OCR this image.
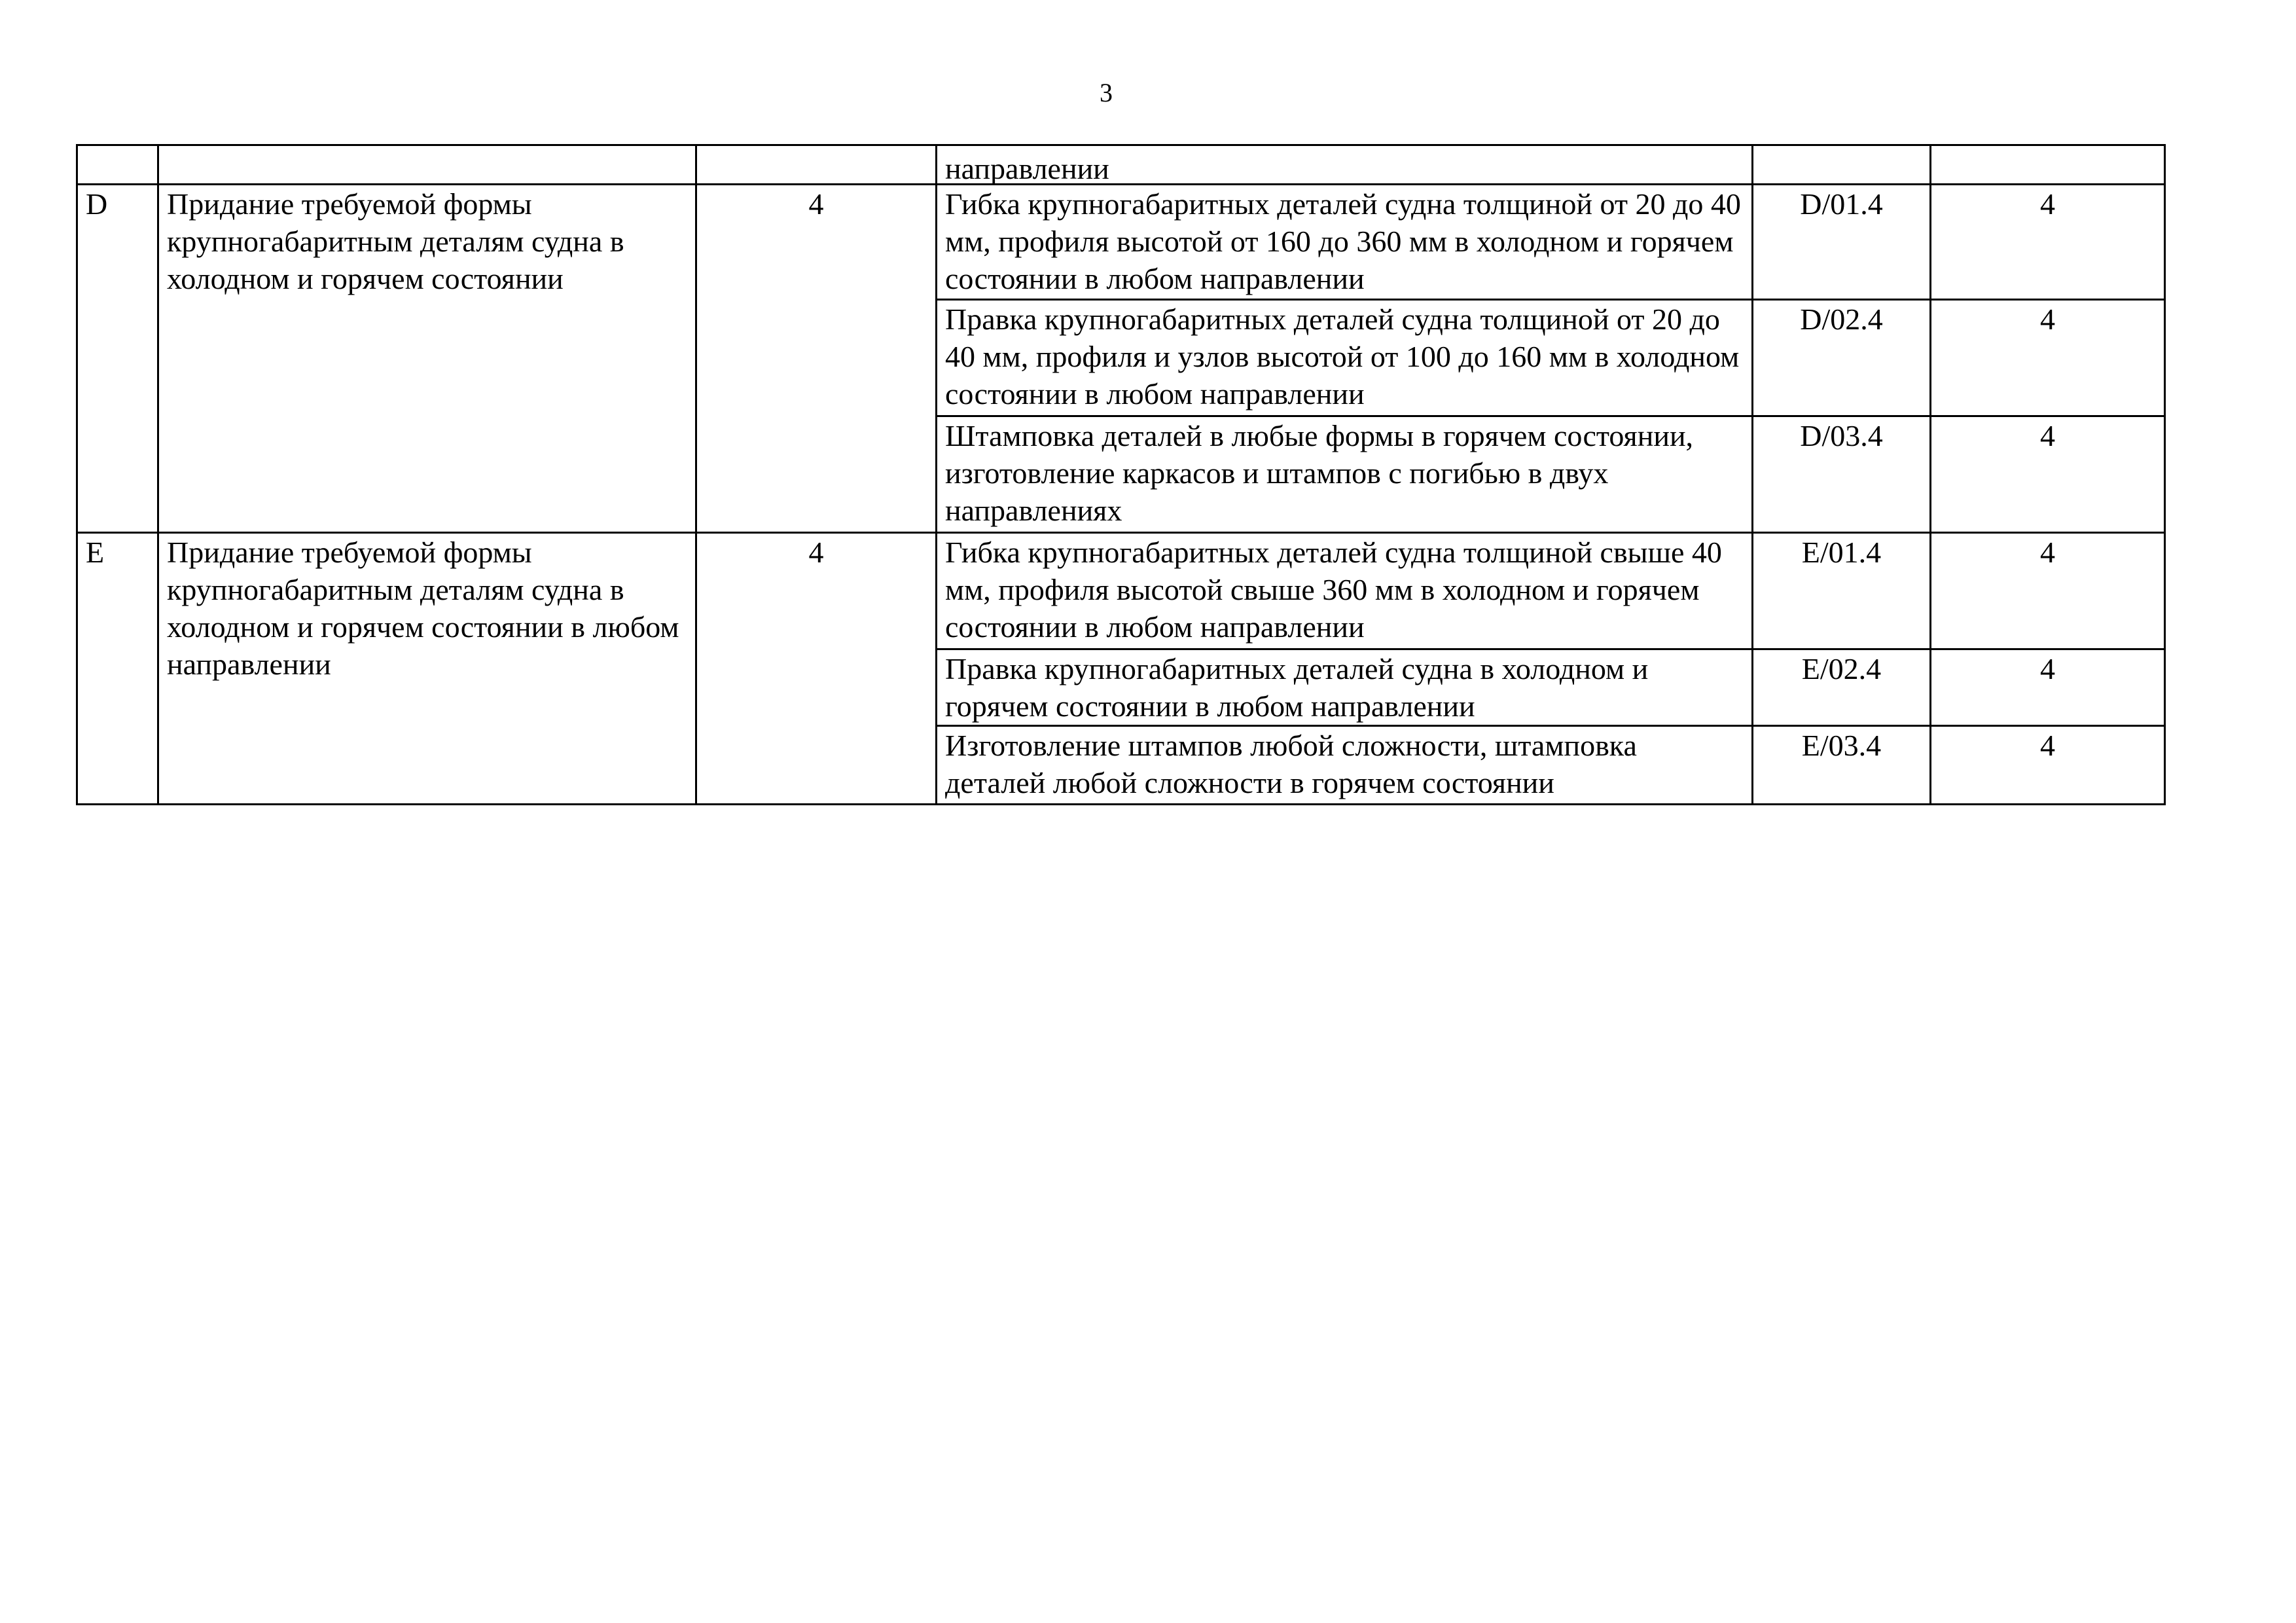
3
			направлении		
D	Придание требуемой формы крупногабаритным деталям судна в холодном и горячем состоянии	4	Гибка крупногабаритных деталей судна толщиной от 20 до 40 мм, профиля высотой от 160 до 360 мм в холодном и горячем состоянии в любом направлении	D/01.4	4
			Правка крупногабаритных деталей судна толщиной от 20 до 40 мм, профиля и узлов высотой от 100 до 160 мм в холодном состоянии в любом направлении	D/02.4	4
			Штамповка деталей в любые формы в горячем состоянии, изготовление каркасов и штампов с погибью в двух направлениях	D/03.4	4
E	Придание требуемой формы крупногабаритным деталям судна в холодном и горячем состоянии в любом направлении	4	Гибка крупногабаритных деталей судна толщиной свыше 40 мм, профиля высотой свыше 360 мм в холодном и горячем состоянии в любом направлении	E/01.4	4
			Правка крупногабаритных деталей судна в холодном и горячем состоянии в любом направлении	E/02.4	4
			Изготовление штампов любой сложности, штамповка деталей любой сложности в горячем состоянии	E/03.4	4
